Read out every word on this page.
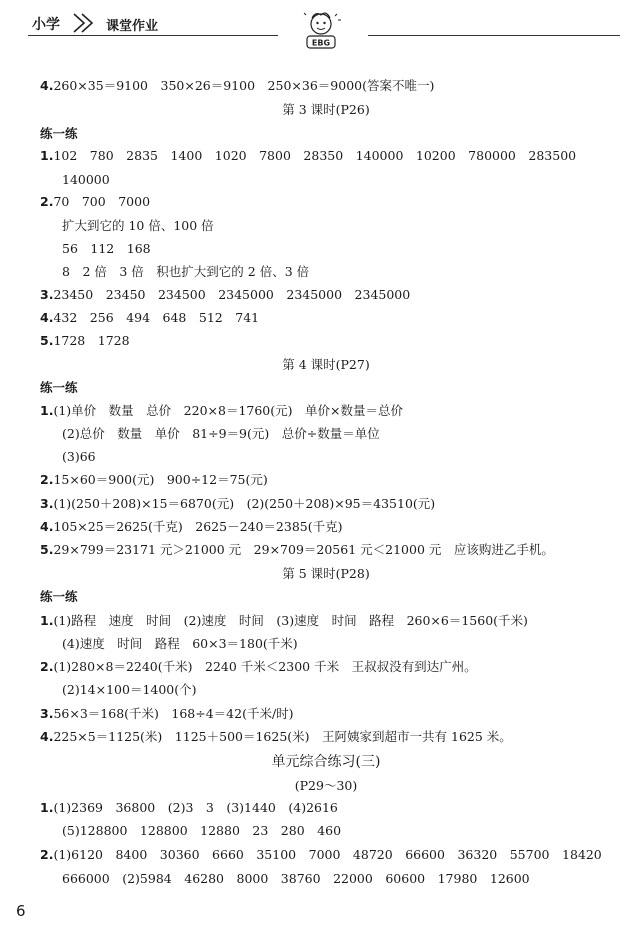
小学	课堂作业
EBG
4.260×35＝9100　350×26＝9100　250×36＝9000(答案不唯一)
第 3 课时(P26)
练一练
1.102　780　2835　1400　1020　7800　28350　140000　10200　780000　283500
140000
2.70　700　7000
扩大到它的 10 倍、100 倍
56　112　168
8　2 倍　3 倍　积也扩大到它的 2 倍、3 倍
3.23450　23450　234500　2345000　2345000　2345000
4.432　256　494　648　512　741
5.1728　1728
第 4 课时(P27)
练一练
1.(1)单价　数量　总价　220×8＝1760(元)　单价×数量＝总价
(2)总价　数量　单价　81÷9＝9(元)　总价÷数量＝单位
(3)66
2.15×60＝900(元)　900÷12＝75(元)
3.(1)(250＋208)×15＝6870(元)　(2)(250＋208)×95＝43510(元)
4.105×25＝2625(千克)　2625－240＝2385(千克)
5.29×799＝23171 元＞21000 元　29×709＝20561 元＜21000 元　应该购进乙手机。
第 5 课时(P28)
练一练
1.(1)路程　速度　时间　(2)速度　时间　(3)速度　时间　路程　260×6＝1560(千米)
(4)速度　时间　路程　60×3＝180(千米)
2.(1)280×8＝2240(千米)　2240 千米＜2300 千米　王叔叔没有到达广州。
(2)14×100＝1400(个)
3.56×3＝168(千米)　168÷4＝42(千米/时)
4.225×5＝1125(米)　1125＋500＝1625(米)　王阿姨家到超市一共有 1625 米。
单元综合练习(三)
(P29～30)
1.(1)2369　36800　(2)3　3　(3)1440　(4)2616
(5)128800　128800　12880　23　280　460
2.(1)6120　8400　30360　6660　35100　7000　48720　66600　36320　55700　18420
666000　(2)5984　46280　8000　38760　22000　60600　17980　12600
6
